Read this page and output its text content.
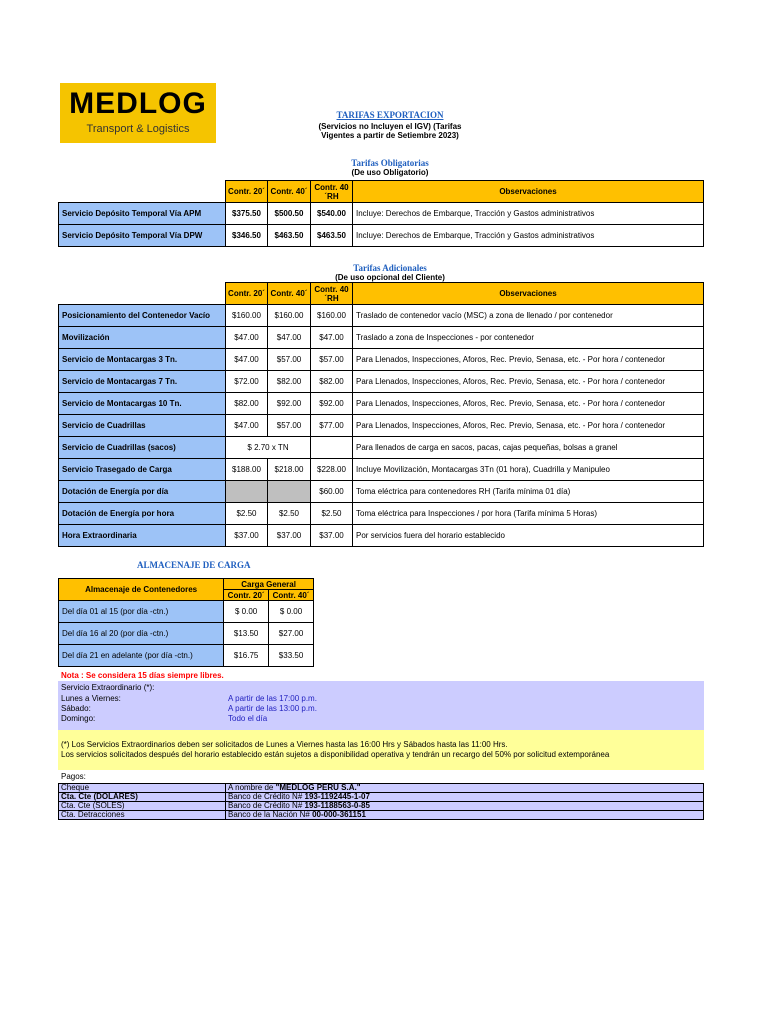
MEDLOG
Transport & Logistics
TARIFAS EXPORTACION
(Servicios no Incluyen el IGV) (Tarifas
Vigentes a partir de Setiembre 2023)
Tarifas Obligatorias
(De uso Obligatorio)
	Contr. 20´	Contr. 40´	Contr. 40´RH	Observaciones
Servicio Depósito Temporal Vía APM	$375.50	$500.50	$540.00	Incluye: Derechos de Embarque, Tracción y Gastos administrativos
Servicio Depósito Temporal Vía DPW	$346.50	$463.50	$463.50	Incluye: Derechos de Embarque, Tracción y Gastos administrativos
Tarifas Adicionales
(De uso opcional del Cliente)
	Contr. 20´	Contr. 40´	Contr. 40´RH	Observaciones
Posicionamiento del Contenedor Vacío	$160.00	$160.00	$160.00	Traslado de contenedor vacío (MSC) a zona de llenado / por contenedor
Movilización	$47.00	$47.00	$47.00	Traslado a zona de Inspecciones - por contenedor
Servicio de Montacargas 3 Tn.	$47.00	$57.00	$57.00	Para Llenados, Inspecciones, Aforos, Rec. Previo, Senasa, etc. - Por hora / contenedor
Servicio de Montacargas 7 Tn.	$72.00	$82.00	$82.00	Para Llenados, Inspecciones, Aforos, Rec. Previo, Senasa, etc. - Por hora / contenedor
Servicio de Montacargas 10 Tn.	$82.00	$92.00	$92.00	Para Llenados, Inspecciones, Aforos, Rec. Previo, Senasa, etc. - Por hora / contenedor
Servicio de Cuadrillas	$47.00	$57.00	$77.00	Para Llenados, Inspecciones, Aforos, Rec. Previo, Senasa, etc. - Por hora / contenedor
Servicio de Cuadrillas (sacos)	$ 2.70 x TN			Para llenados de carga en sacos, pacas, cajas pequeñas, bolsas a granel
Servicio Trasegado de Carga	$188.00	$218.00	$228.00	Incluye Movilización, Montacargas 3Tn (01 hora), Cuadrilla y Manipuleo
Dotación de Energía por día			$60.00	Toma eléctrica para contenedores RH (Tarifa mínima 01 día)
Dotación de Energía por hora	$2.50	$2.50	$2.50	Toma eléctrica para Inspecciones / por hora (Tarifa mínima 5 Horas)
Hora Extraordinaria	$37.00	$37.00	$37.00	Por servicios fuera del horario establecido
ALMACENAJE DE CARGA
Almacenaje de Contenedores	Carga General	
	Contr. 20´	Contr. 40´
Del día 01 al 15 (por día -ctn.)	$ 0.00	$ 0.00
Del día 16 al 20 (por día -ctn.)	$13.50	$27.00
Del día 21 en adelante (por día -ctn.)	$16.75	$33.50
Nota : Se considera 15 días siempre libres.
Servicio Extraordinario (*):
Lunes a Viernes:	A partir de las 17:00 p.m.
Sábado:	A partir de las 13:00 p.m.
Domingo:	Todo el día
(*) Los Servicios Extraordinarios deben ser solicitados de Lunes a Viernes hasta las 16:00 Hrs y Sábados hasta las 11:00 Hrs.
Los servicios solicitados después del horario establecido están sujetos a disponibilidad operativa y tendrán un recargo del 50% por solicitud extemporánea
Pagos:
Cheque	A nombre de "MEDLOG PERU S.A."
Cta. Cte (DOLARES)	Banco de Crédito N# 193-1192445-1-07
Cta. Cte (SOLES)	Banco de Crédito N# 193-1188563-0-85
Cta. Detracciones	Banco de la Nación N# 00-000-361151
